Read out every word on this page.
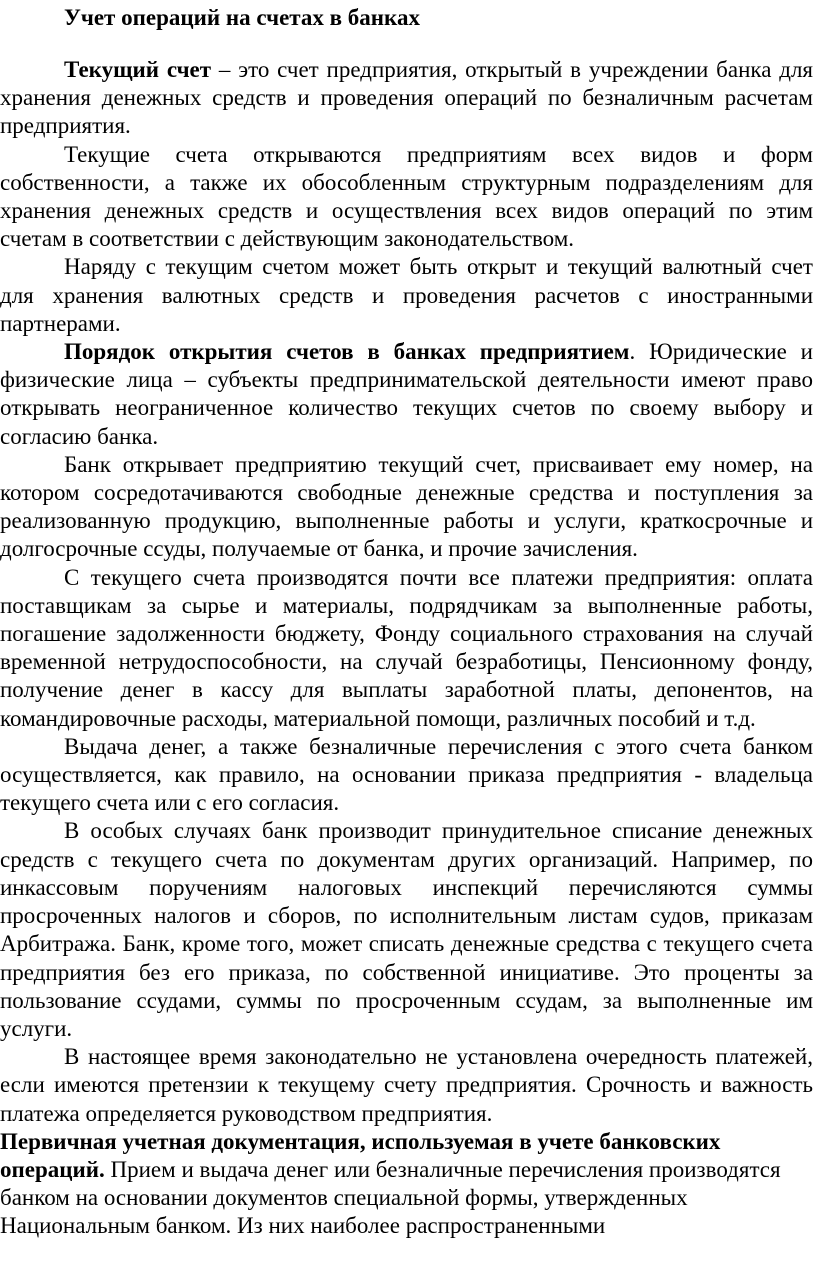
Учет операций на счетах в банках

Текущий счет – это счет предприятия, открытый в учреждении банка для хранения денежных средств и проведения операций по безналичным расчетам предприятия.

Текущие счета открываются предприятиям всех видов и форм собственности, а также их обособленным структурным подразделениям для хранения денежных средств и осуществления всех видов операций по этим счетам в соответствии с действующим законодательством.

Наряду с текущим счетом может быть открыт и текущий валютный счет для хранения валютных средств и проведения расчетов с иностранными партнерами.

Порядок открытия счетов в банках предприятием. Юридические и физические лица – субъекты предпринимательской деятельности имеют право открывать неограниченное количество текущих счетов по своему выбору и согласию банка.

Банк открывает предприятию текущий счет, присваивает ему номер, на котором сосредотачиваются свободные денежные средства и поступления за реализованную продукцию, выполненные работы и услуги, краткосрочные и долгосрочные ссуды, получаемые от банка, и прочие зачисления.

С текущего счета производятся почти все платежи предприятия: оплата поставщикам за сырье и материалы, подрядчикам за выполненные работы, погашение задолженности бюджету, Фонду социального страхования на случай временной нетрудоспособности, на случай безработицы, Пенсионному фонду, получение денег в кассу для выплаты заработной платы, депонентов, на командировочные расходы, материальной помощи, различных пособий и т.д.

Выдача денег, а также безналичные перечисления с этого счета банком осуществляется, как правило, на основании приказа предприятия - владельца текущего счета или с его согласия.

В особых случаях банк производит принудительное списание денежных средств с текущего счета по документам других организаций. Например, по инкассовым поручениям налоговых инспекций перечисляются суммы просроченных налогов и сборов, по исполнительным листам судов, приказам Арбитража. Банк, кроме того, может списать денежные средства с текущего счета предприятия без его приказа, по собственной инициативе. Это проценты за пользование ссудами, суммы по просроченным ссудам, за выполненные им услуги.

В настоящее время законодательно не установлена очередность платежей, если имеются претензии к текущему счету предприятия. Срочность и важность платежа определяется руководством предприятия.

Первичная учетная документация, используемая в учете банковских операций. Прием и выдача денег или безналичные перечисления производятся банком на основании документов специальной формы, утвержденных Национальным банком. Из них наиболее распространенными
